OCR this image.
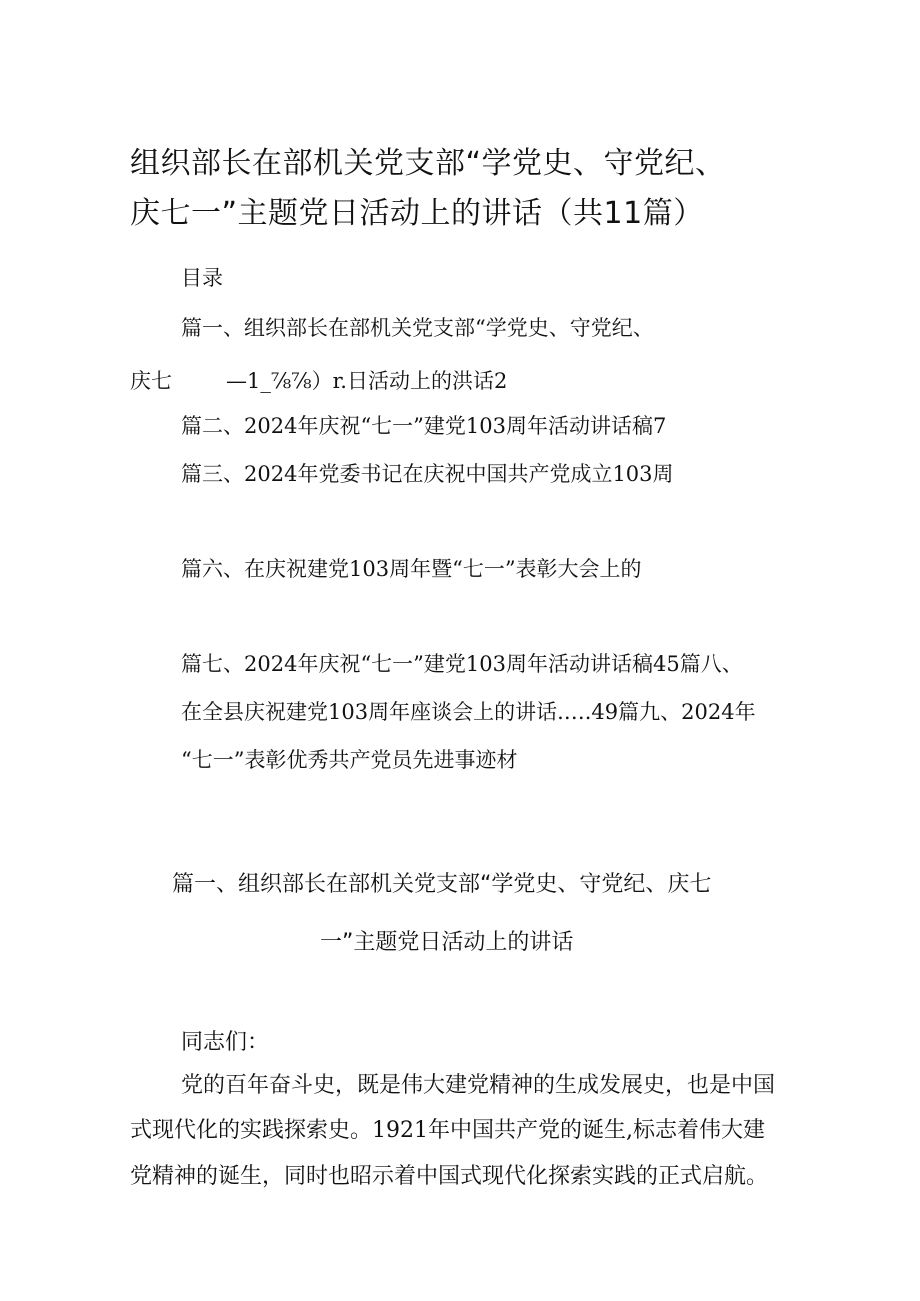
组织部长在部机关党支部“学党史、守党纪、
庆七一”主题党日活动上的讲话（共11篇）
目录
篇一、组织部长在部机关党支部“学党史、守党纪、
庆七	—1_⅞⅞）r.日活动上的洪话2
篇二、2024年庆祝“七一”建党103周年活动讲话稿7
篇三、2024年党委书记在庆祝中国共产党成立103周
篇六、在庆祝建党103周年暨“七一”表彰大会上的
篇七、2024年庆祝“七一”建党103周年活动讲话稿45篇八、
在全县庆祝建党103周年座谈会上的讲话.….49篇九、2024年
“七一”表彰优秀共产党员先进事迹材
篇一、组织部长在部机关党支部“学党史、守党纪、庆七
一”主题党日活动上的讲话
同志们：
党的百年奋斗史，既是伟大建党精神的生成发展史，也是中国
式现代化的实践探索史。1921年中国共产党的诞生,标志着伟大建
党精神的诞生，同时也昭示着中国式现代化探索实践的正式启航。
